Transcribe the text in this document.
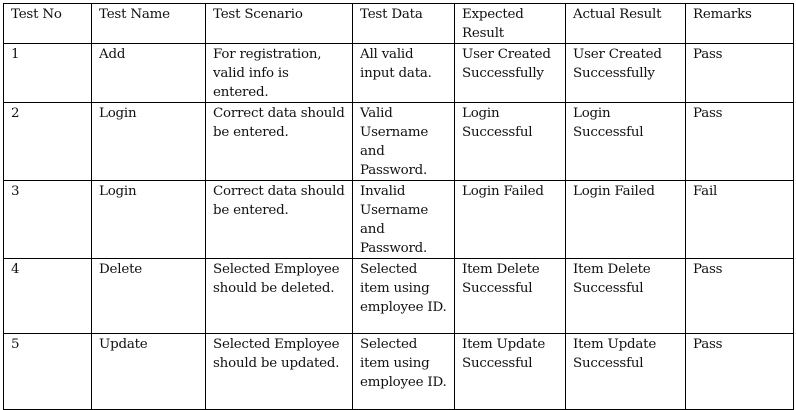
Test No	Test Name	Test Scenario	Test Data	Expected Result	Actual Result	Remarks
1	Add	For registration, valid info is entered.	All valid input data.	User Created Successfully	User Created Successfully	Pass
2	Login	Correct data should be entered.	Valid Username and Password.	Login Successful	Login Successful	Pass
3	Login	Correct data should be entered.	Invalid Username and Password.	Login Failed	Login Failed	Fail
4	Delete	Selected Employee should be deleted.	Selected item using employee ID.	Item Delete Successful	Item Delete Successful	Pass
5	Update	Selected Employee should be updated.	Selected item using employee ID.	Item Update Successful	Item Update Successful	Pass
